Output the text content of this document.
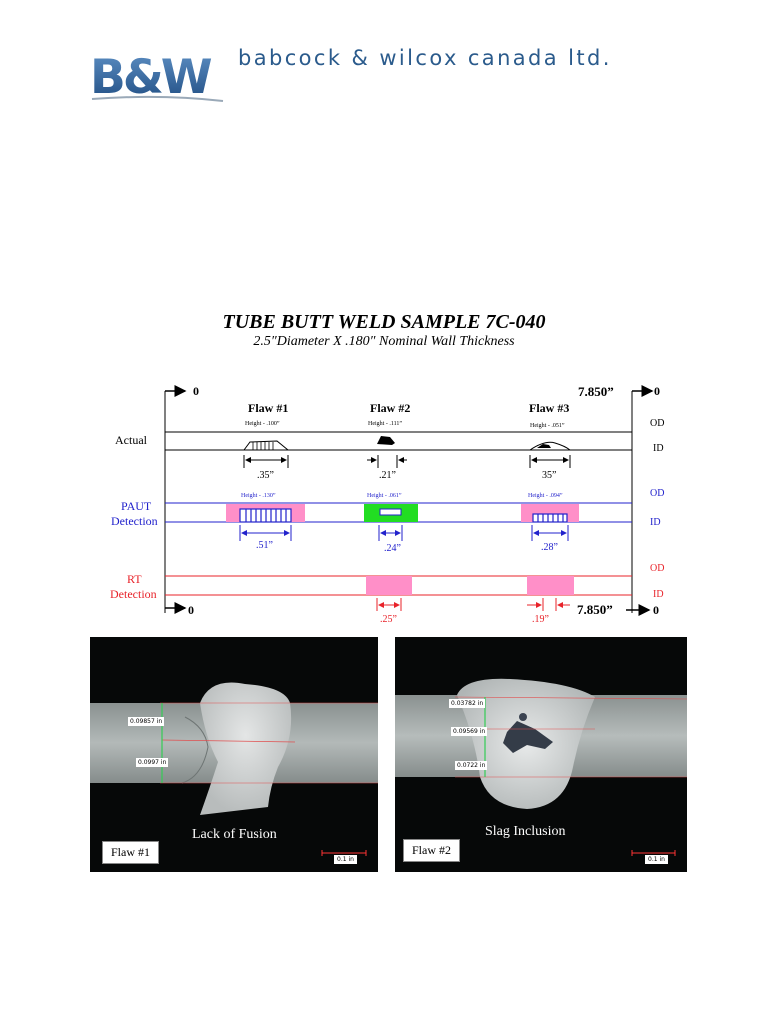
B&W babcock & wilcox canada ltd.
TUBE BUTT WELD SAMPLE 7C-040
2.5″Diameter X .180″ Nominal Wall Thickness
0	7.850”	0
Flaw #1	Flaw #2	Flaw #3
Actual
OD
ID
Height - .100”	Height - .111”	Height - .051”
.35”	.21”	35”
PAUT
Detection
OD
ID
Height - .130”	Height - .061”	Height - .094”
.51”	.24”	.28”
RT
Detection
OD
ID
.25”	.19”
0	7.850”	0
0.09857 in
0.0997 in
Lack of Fusion
Flaw #1
0.1 in
0.03782 in
0.09569 in
0.0722 in
Slag Inclusion
Flaw #2
0.1 in
